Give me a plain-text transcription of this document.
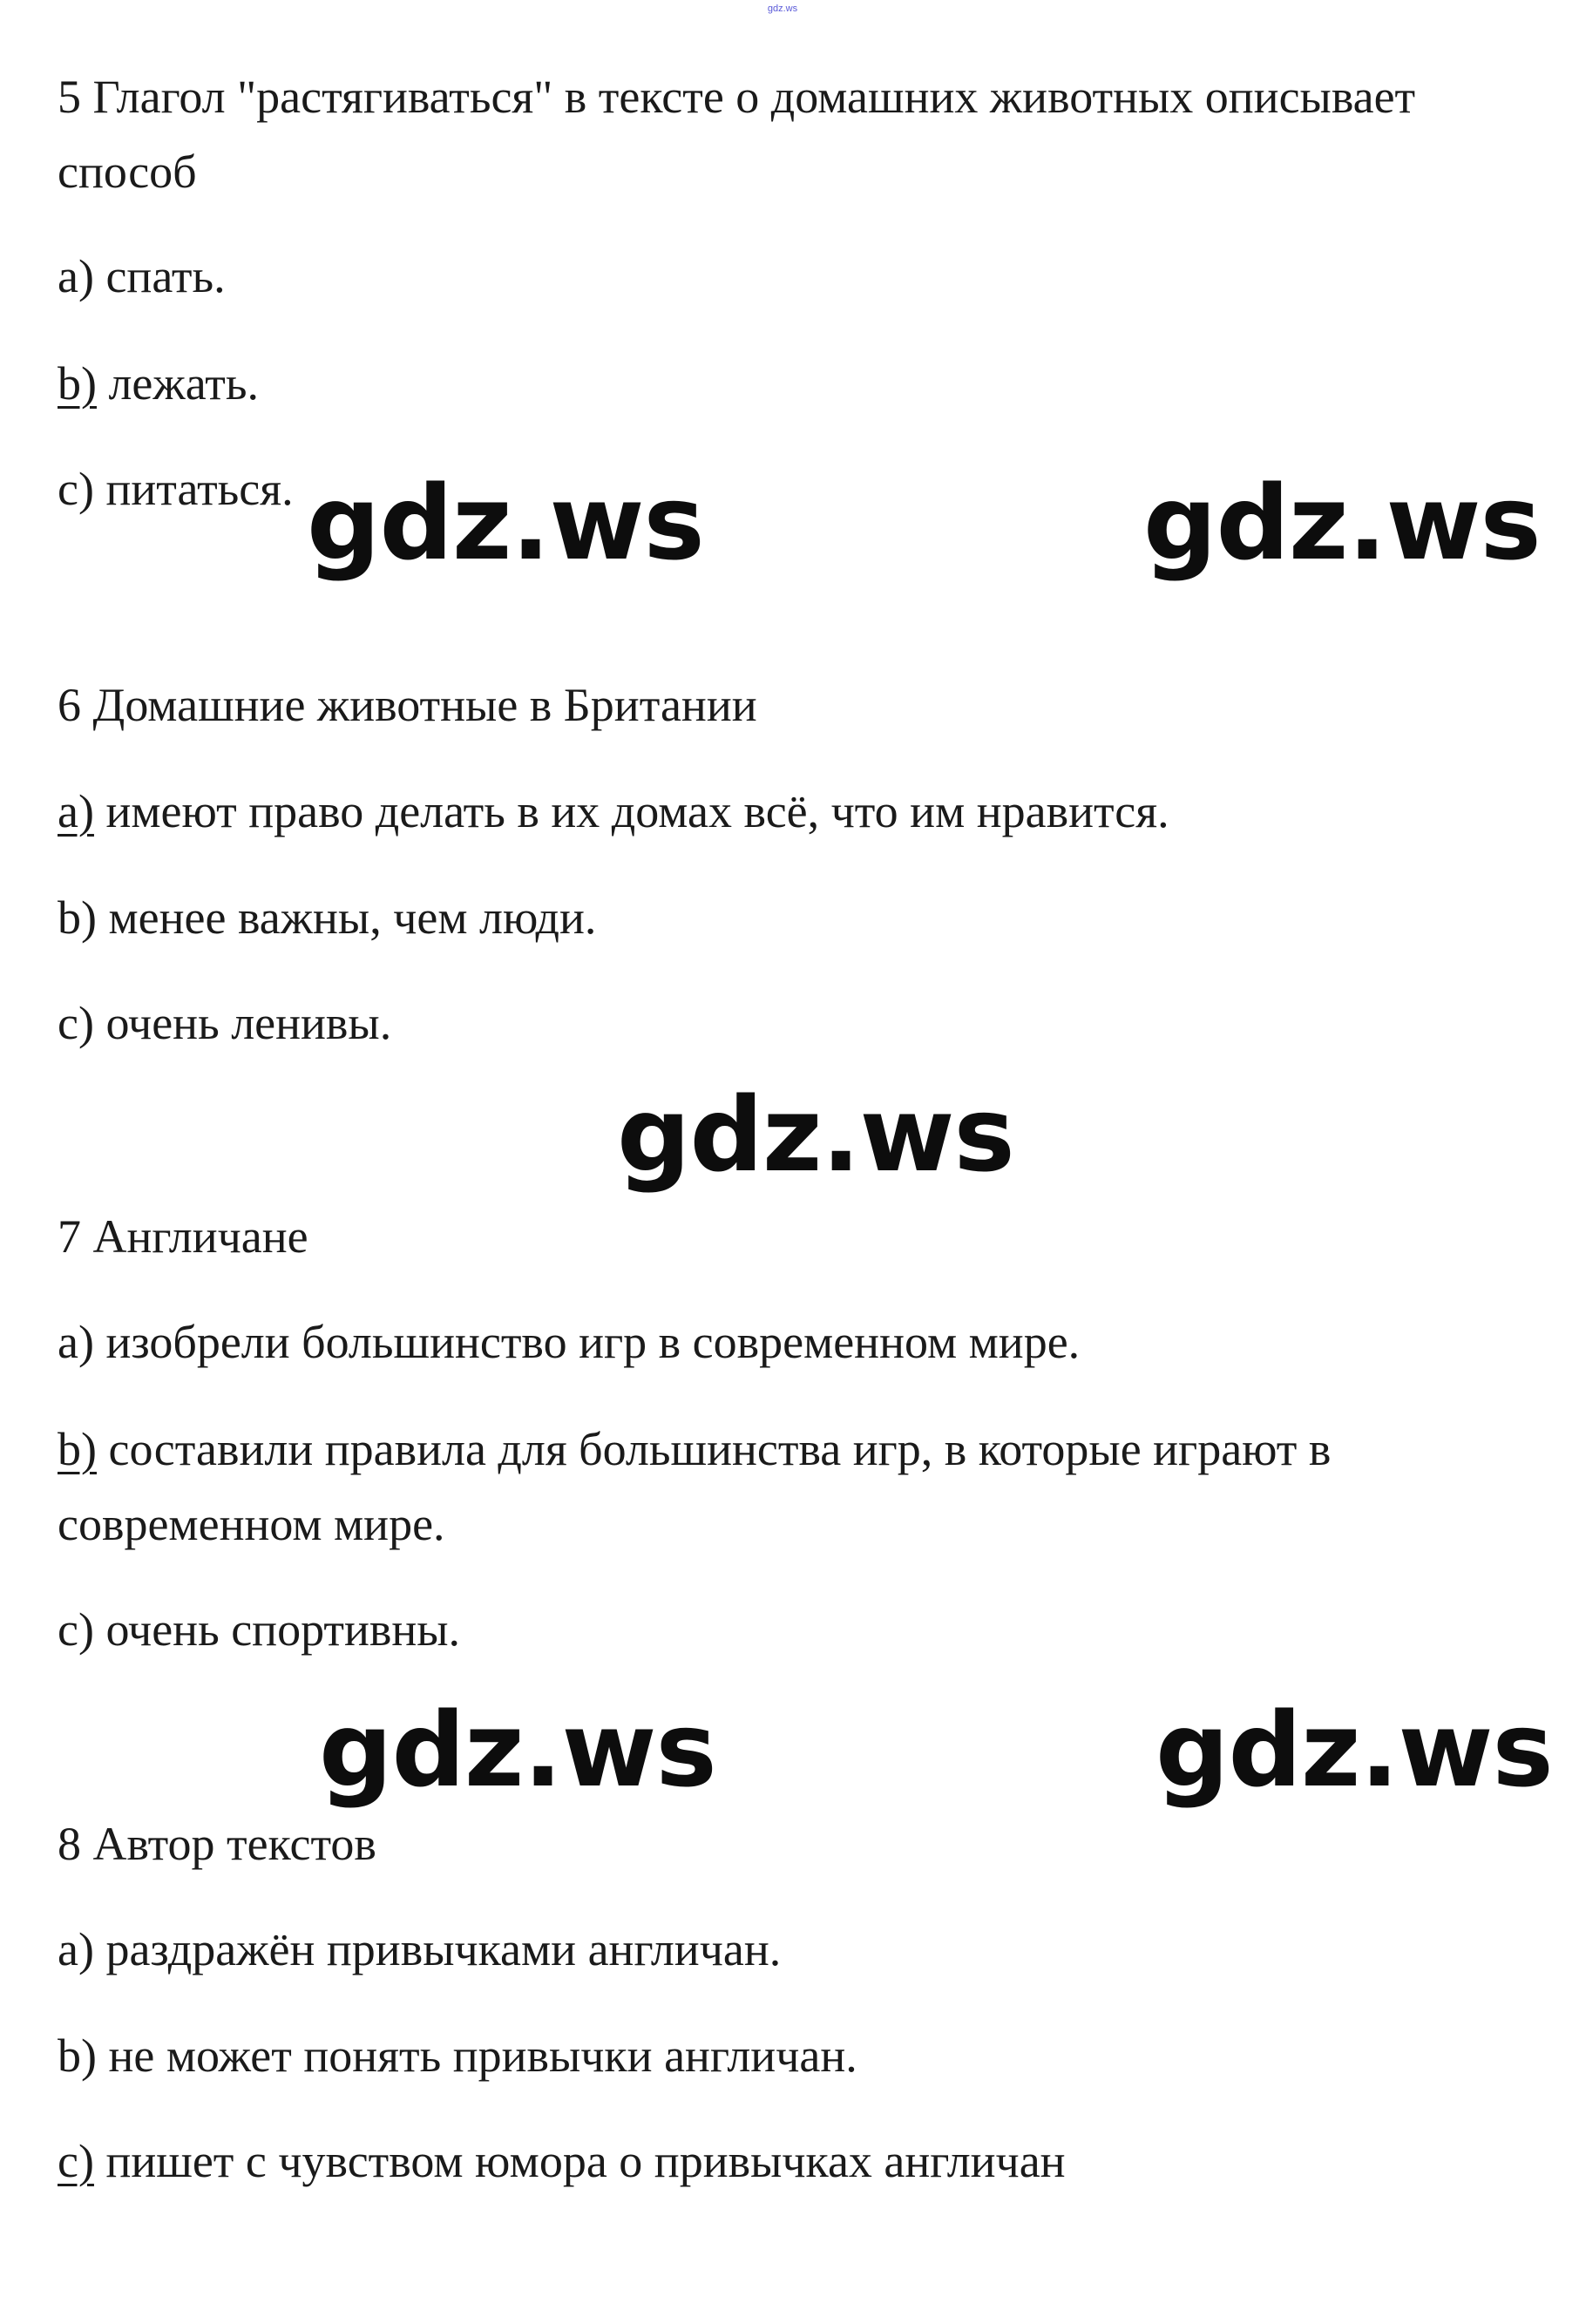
gdz.ws

5 Глагол "растягиваться" в тексте о домашних животных описывает

способ

a) спать.

b) лежать.

c) питаться. gdz.ws	gdz.ws

6 Домашние животные в Британии

a) имеют право делать в их домах всё, что им нравится.

b) менее важны, чем люди.

c) очень ленивы.

gdz.ws

7 Англичане

a) изобрели большинство игр в современном мире.

b) составили правила для большинства игр, в которые играют в

современном мире.

c) очень спортивны.

gdz.ws	gdz.ws

8 Автор текстов

a) раздражён привычками англичан.

b) не может понять привычки англичан.

c) пишет с чувством юмора о привычках англичан
